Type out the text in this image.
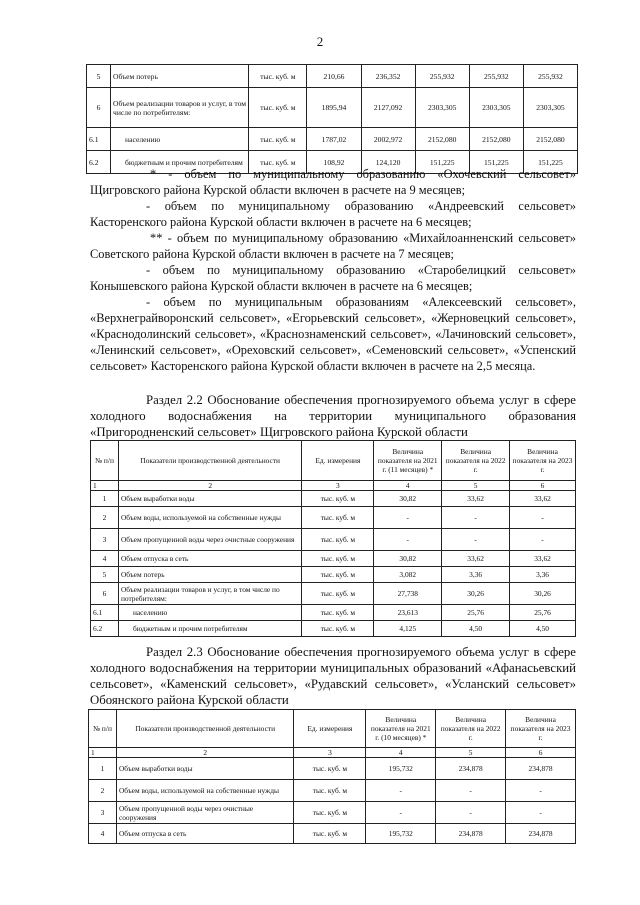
2
5	Объем потерь	тыс. куб. м	210,66	236,352	255,932	255,932	255,932
6	Объем реализации товаров и услуг, в том числе по потребителям:	тыс. куб. м	1895,94	2127,092	2303,305	2303,305	2303,305
6.1	населению	тыс. куб. м	1787,02	2002,972	2152,080	2152,080	2152,080
6.2	бюджетным и прочим потребителям	тыс. куб. м	108,92	124,120	151,225	151,225	151,225
* - объем по муниципальному образованию «Охочевский сельсовет» Щигровского района Курской области включен в расчете на 9 месяцев;
- объем по муниципальному образованию «Андреевский сельсовет» Касторенского района Курской области включен в расчете на 6 месяцев;
** - объем по муниципальному образованию «Михайлоанненский сельсовет» Советского района Курской области включен в расчете на 7 месяцев;
- объем по муниципальному образованию «Старобелицкий сельсовет» Конышевского района Курской области включен в расчете на 6 месяцев;
- объем по муниципальным образованиям «Алексеевский сельсовет», «Верхнеграйворонский сельсовет», «Егорьевский сельсовет», «Жерновецкий сельсовет», «Краснодолинский сельсовет», «Краснознаменский сельсовет», «Лачиновский сельсовет», «Ленинский сельсовет», «Ореховский сельсовет», «Семеновский сельсовет», «Успенский сельсовет» Касторенского района Курской области включен в расчете на 2,5 месяца.
Раздел 2.2 Обоснование обеспечения прогнозируемого объема услуг в сфере холодного водоснабжения на территории муниципального образования «Пригородненский сельсовет» Щигровского района Курской области
№ п/п	Показатели производственной деятельности	Ед. измерения	Величина показателя на 2021 г. (11 месяцев) *	Величина показателя на 2022 г.	Величина показателя на 2023 г.
1	2	3	4	5	6
1	Объем выработки воды	тыс. куб. м	30,82	33,62	33,62
2	Объем воды, используемой на собственные нужды	тыс. куб. м	-	-	-
3	Объем пропущенной воды через очистные сооружения	тыс. куб. м	-	-	-
4	Объем отпуска в сеть	тыс. куб. м	30,82	33,62	33,62
5	Объем потерь	тыс. куб. м	3,082	3,36	3,36
6	Объем реализации товаров и услуг, в том числе по потребителям:	тыс. куб. м	27,738	30,26	30,26
6.1	населению	тыс. куб. м	23,613	25,76	25,76
6.2	бюджетным и прочим потребителям	тыс. куб. м	4,125	4,50	4,50
Раздел 2.3 Обоснование обеспечения прогнозируемого объема услуг в сфере холодного водоснабжения на территории муниципальных образований «Афанасьевский сельсовет», «Каменский сельсовет», «Рудавский сельсовет», «Усланский сельсовет» Обоянского района Курской области
№ п/п	Показатели производственной деятельности	Ед. измерения	Величина показателя на 2021 г. (10 месяцев) *	Величина показателя на 2022 г.	Величина показателя на 2023 г.
1	2	3	4	5	6
1	Объем выработки воды	тыс. куб. м	195,732	234,878	234,878
2	Объем воды, используемой на собственные нужды	тыс. куб. м	-	-	-
3	Объем пропущенной воды через очистные сооружения	тыс. куб. м	-	-	-
4	Объем отпуска в сеть	тыс. куб. м	195,732	234,878	234,878
